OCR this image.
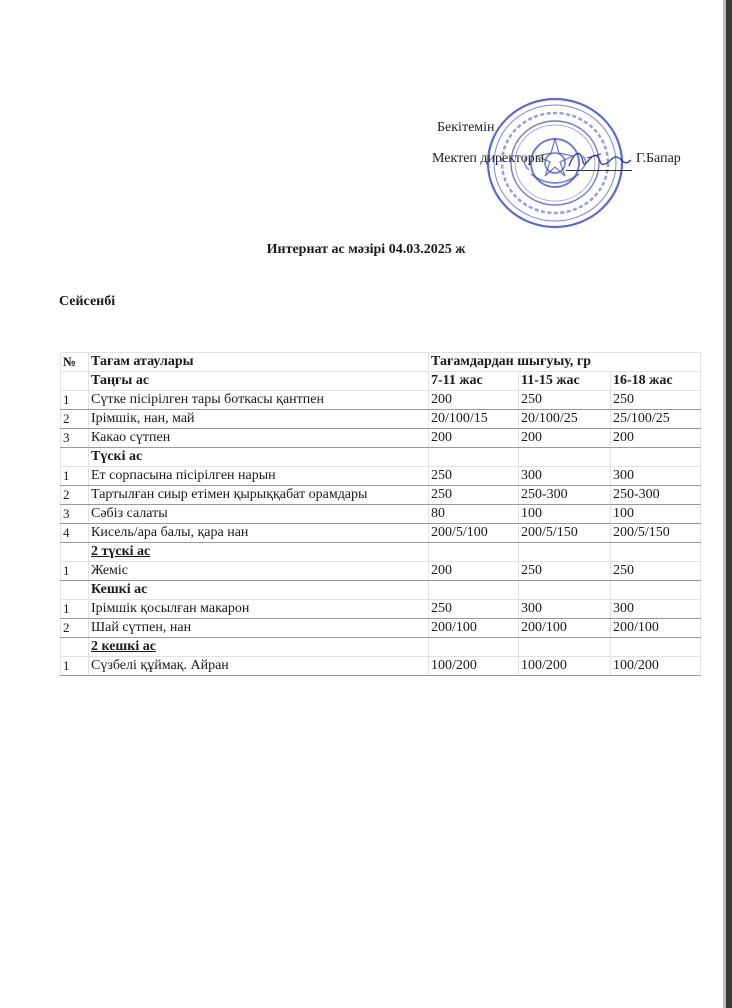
Бекітемін
Мектеп директоры	Г.Бапар
Интернат ас мәзірі 04.03.2025 ж
Сейсенбі
№	Тағам атаулары	Тағамдардан шығуыу, гр		
	Таңғы ас	7-11 жас	11-15 жас	16-18 жас
1	Сүтке пісірілген тары боткасы қантпен	200	250	250
2	Ірімшік, нан, май	20/100/15	20/100/25	25/100/25
3	Какао сүтпен	200	200	200
	Түскі ас			
1	Ет сорпасына пісірілген нарын	250	300	300
2	Тартылған сиыр етімен қырыққабат орамдары	250	250-300	250-300
3	Сәбіз салаты	80	100	100
4	Кисель/ара балы, қара нан	200/5/100	200/5/150	200/5/150
	2 түскі ас			
1	Жеміс	200	250	250
	Кешкі ас			
1	Ірімшік қосылған макарон	250	300	300
2	Шай сүтпен, нан	200/100	200/100	200/100
	2 кешкі ас			
1	Сүзбелі құймақ. Айран	100/200	100/200	100/200
